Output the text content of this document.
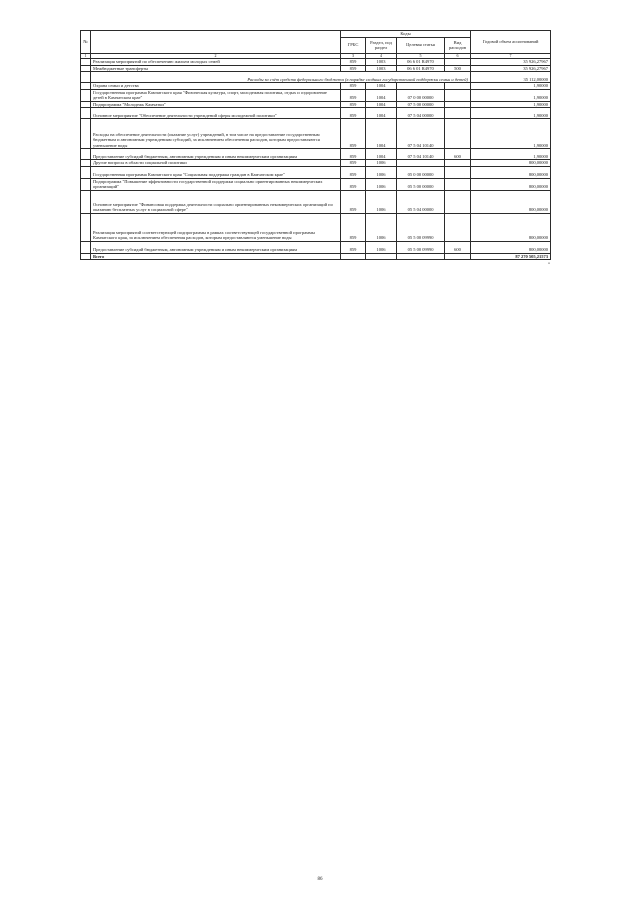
№		Коды				Годовой объем ассигнований
		ГРБС	Раздел, под раздел	Целевая статья	Вид расходов	
1	2	3	4	5	6	7
	Реализация мероприятий по обеспечению жильем молодых семей	859	1003	06 6 01 R4970		35 926,27967
	Межбюджетные трансферты	859	1003	06 6 01 R4970	500	35 926,27967
	Расходы за счёт средств федерального бюджета (в порядке сходных государственной поддержки семьи и детей)					35 112,00000
	Охрана семьи и детства	859	1004			1,90000
	Государственная программа Камчатского края "Физическая культура, спорт, молодежная политика, отдых и оздоровление детей в Камчатском крае"	859	1004	07 0 00 00000		1,90000
	Подпрограмма "Молодежь Камчатки"	859	1004	07 5 00 00000		1,90000
	Основное мероприятие "Обеспечение деятельности учреждений сферы молодежной политики"	859	1004	07 5 04 00000		1,90000
	Расходы на обеспечение деятельности (оказание услуг) учреждений, в том числе на предоставление государственным бюджетным и автономным учреждениям субсидий, за исключением обеспечения расходов, которым предоставляются уменьшение воды	859	1004	07 5 04 10140		1,90000
	Предоставление субсидий бюджетным, автономным учреждениям и иным некоммерческим организациям	859	1004	07 5 04 10140	600	1,90000
	Другие вопросы в области социальной политики	859	1006			800,00000
	Государственная программа Камчатского края "Социальная поддержка граждан в Камчатском крае"	859	1006	05 0 00 00000		800,00000
	Подпрограмма "Повышение эффективности государственной поддержки социально ориентированных некоммерческих организаций"	859	1006	05 5 00 00000		800,00000
	Основное мероприятие "Финансовая поддержка деятельности социально ориентированных некоммерческих организаций по оказанию бесплатных услуг в социальной сфере"	859	1006	05 5 04 00000		800,00000
	Реализация мероприятий соответствующей подпрограммы в рамках соответствующей государственной программы Камчатского края, за исключением обеспечения расходов, которым предоставляются уменьшение воды	859	1006	05 5 00 09990		800,00000
	Предоставление субсидий бюджетным, автономным учреждениям и иным некоммерческим организациям	859	1006	05 5 00 09990	600	800,00000
	Всего					87 270 505,21573
»
86
